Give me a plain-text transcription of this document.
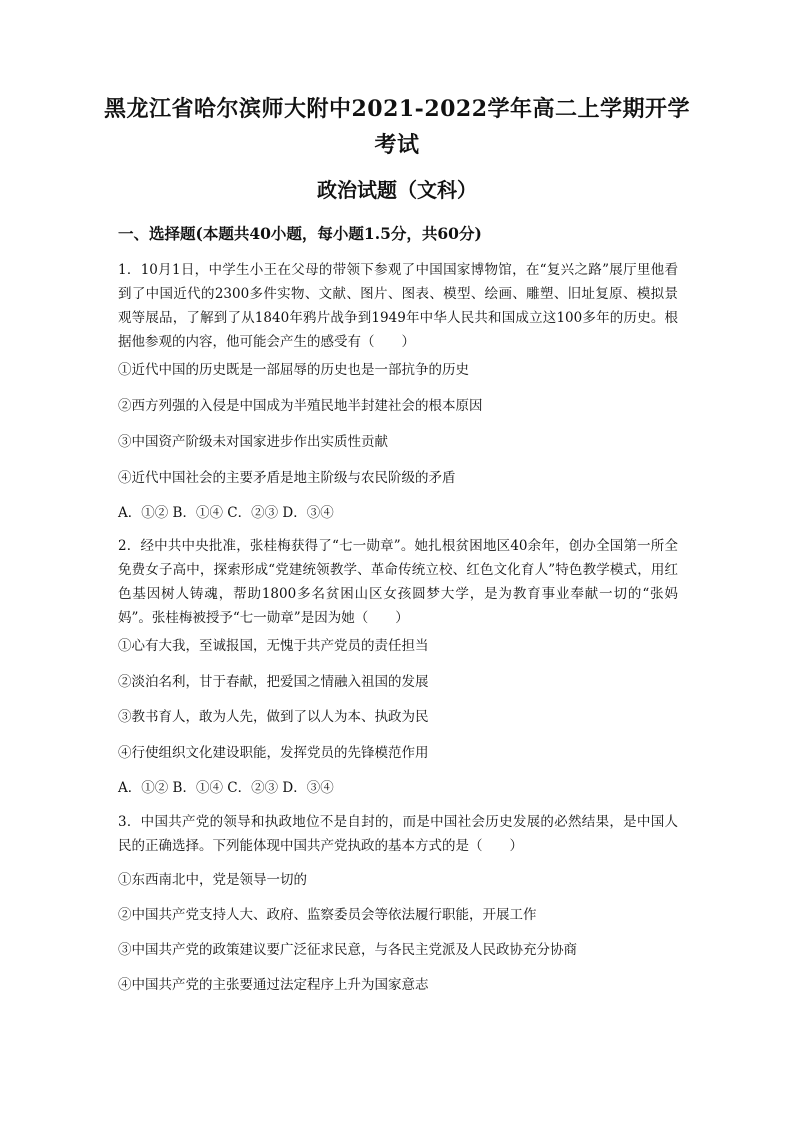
黑龙江省哈尔滨师大附中2021-2022学年高二上学期开学
考试
政治试题（文科）
一、选择题(本题共40小题，每小题1.5分，共60分)
1．10月1日，中学生小王在父母的带领下参观了中国国家博物馆，在“复兴之路”展厅里他看到了中国近代的2300多件实物、文献、图片、图表、模型、绘画、雕塑、旧址复原、模拟景观等展品，了解到了从1840年鸦片战争到1949年中华人民共和国成立这100多年的历史。根据他参观的内容，他可能会产生的感受有（　　）
①近代中国的历史既是一部屈辱的历史也是一部抗争的历史
②西方列强的入侵是中国成为半殖民地半封建社会的根本原因
③中国资产阶级未对国家进步作出实质性贡献
④近代中国社会的主要矛盾是地主阶级与农民阶级的矛盾
A．①② B．①④ C．②③ D．③④
2．经中共中央批准，张桂梅获得了“七一勋章”。她扎根贫困地区40余年，创办全国第一所全免费女子高中，探索形成“党建统领教学、革命传统立校、红色文化育人”特色教学模式，用红色基因树人铸魂，帮助1800多名贫困山区女孩圆梦大学，是为教育事业奉献一切的“张妈妈”。张桂梅被授予“七一勋章”是因为她（　　）
①心有大我，至诚报国，无愧于共产党员的责任担当
②淡泊名利，甘于春献，把爱国之情融入祖国的发展
③教书育人，敢为人先，做到了以人为本、执政为民
④行使组织文化建设职能，发挥党员的先锋模范作用
A．①② B．①④ C．②③ D．③④
3．中国共产党的领导和执政地位不是自封的，而是中国社会历史发展的必然结果，是中国人民的正确选择。下列能体现中国共产党执政的基本方式的是（　　）
①东西南北中，党是领导一切的
②中国共产党支持人大、政府、监察委员会等依法履行职能，开展工作
③中国共产党的政策建议要广泛征求民意，与各民主党派及人民政协充分协商
④中国共产党的主张要通过法定程序上升为国家意志
